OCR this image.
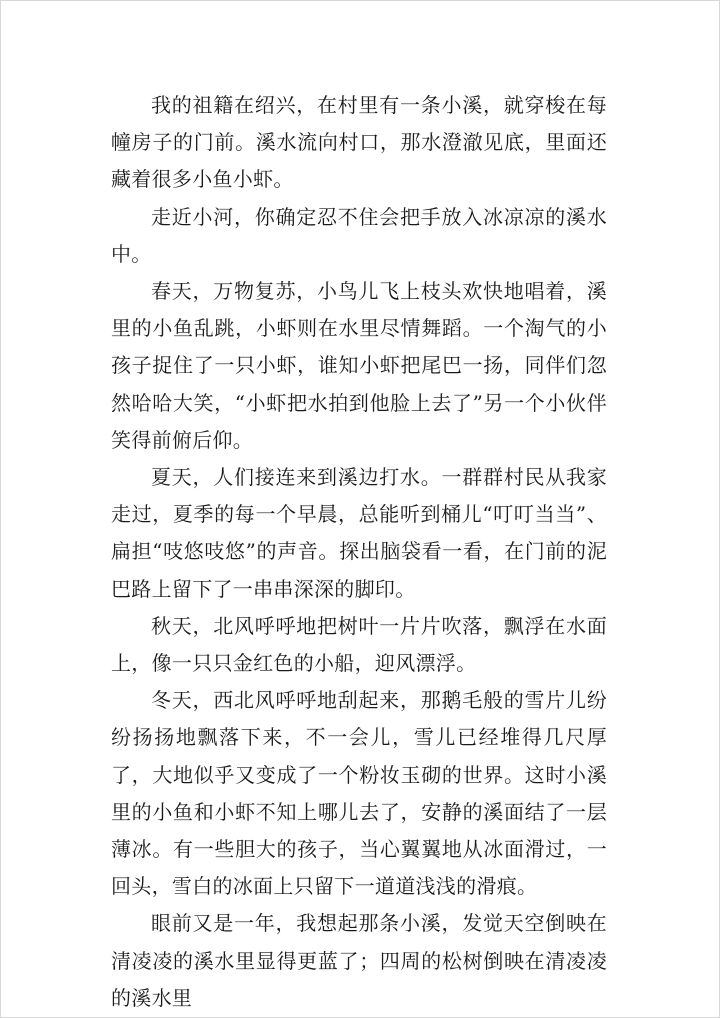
我的祖籍在绍兴，在村里有一条小溪，就穿梭在每幢房子的门前。溪水流向村口，那水澄澈见底，里面还藏着很多小鱼小虾。

走近小河，你确定忍不住会把手放入冰凉凉的溪水中。

春天，万物复苏，小鸟儿飞上枝头欢快地唱着，溪里的小鱼乱跳，小虾则在水里尽情舞蹈。一个淘气的小孩子捉住了一只小虾，谁知小虾把尾巴一扬，同伴们忽然哈哈大笑，“小虾把水拍到他脸上去了”另一个小伙伴笑得前俯后仰。

夏天，人们接连来到溪边打水。一群群村民从我家走过，夏季的每一个早晨，总能听到桶儿“叮叮当当”、扁担“吱悠吱悠”的声音。探出脑袋看一看，在门前的泥巴路上留下了一串串深深的脚印。

秋天，北风呼呼地把树叶一片片吹落，飘浮在水面上，像一只只金红色的小船，迎风漂浮。

冬天，西北风呼呼地刮起来，那鹅毛般的雪片儿纷纷扬扬地飘落下来，不一会儿，雪儿已经堆得几尺厚了，大地似乎又变成了一个粉妆玉砌的世界。这时小溪里的小鱼和小虾不知上哪儿去了，安静的溪面结了一层薄冰。有一些胆大的孩子，当心翼翼地从冰面滑过，一回头，雪白的冰面上只留下一道道浅浅的滑痕。

眼前又是一年，我想起那条小溪，发觉天空倒映在清凌凌的溪水里显得更蓝了；四周的松树倒映在清凌凌的溪水里
